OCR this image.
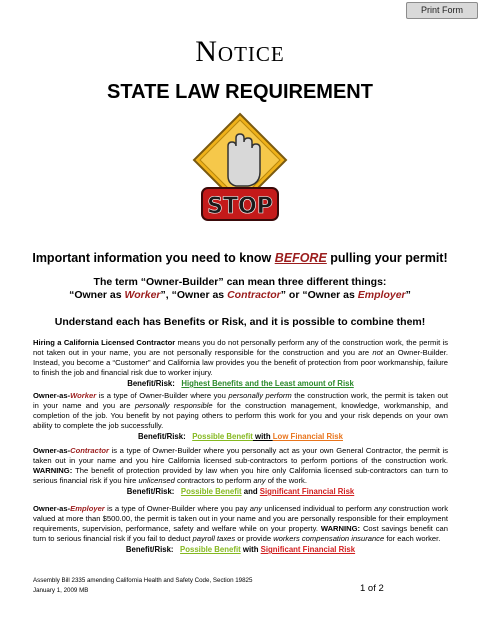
Print Form
Notice
STATE LAW REQUIREMENT
STOP
Important information you need to know BEFORE pulling your permit!
The term “Owner-Builder” can mean three different things:
“Owner as Worker”, “Owner as Contractor” or “Owner as Employer”
Understand each has Benefits or Risk, and it is possible to combine them!
Hiring a California Licensed Contractor means you do not personally perform any of the construction work, the permit is not taken out in your name, you are not personally responsible for the construction and you are not an Owner-Builder. Instead, you become a “Customer” and California law provides you the benefit of protection from poor workmanship, failure to finish the job and financial risk due to worker injury.
Benefit/Risk: Highest Benefits and the Least amount of Risk
Owner-as-Worker is a type of Owner-Builder where you personally perform the construction work, the permit is taken out in your name and you are personally responsible for the construction management, knowledge, workmanship, and completion of the job. You benefit by not paying others to perform this work for you and your risk depends on your own ability to complete the job successfully.
Benefit/Risk: Possible Benefit with Low Financial Risk
Owner-as-Contractor is a type of Owner-Builder where you personally act as your own General Contractor, the permit is taken out in your name and you hire California licensed sub-contractors to perform portions of the construction work. WARNING: The benefit of protection provided by law when you hire only California licensed sub-contractors can turn to serious financial risk if you hire unlicensed contractors to perform any of the work.
Benefit/Risk: Possible Benefit and Significant Financial Risk
Owner-as-Employer is a type of Owner-Builder where you pay any unlicensed individual to perform any construction work valued at more than $500.00, the permit is taken out in your name and you are personally responsible for their employment requirements, supervision, performance, safety and welfare while on your property. WARNING: Cost savings benefit can turn to serious financial risk if you fail to deduct payroll taxes or provide workers compensation insurance for each worker.
Benefit/Risk: Possible Benefit with Significant Financial Risk
Assembly Bill 2335 amending California Health and Safety Code, Section 19825
January 1, 2009 MB	1 of 2
